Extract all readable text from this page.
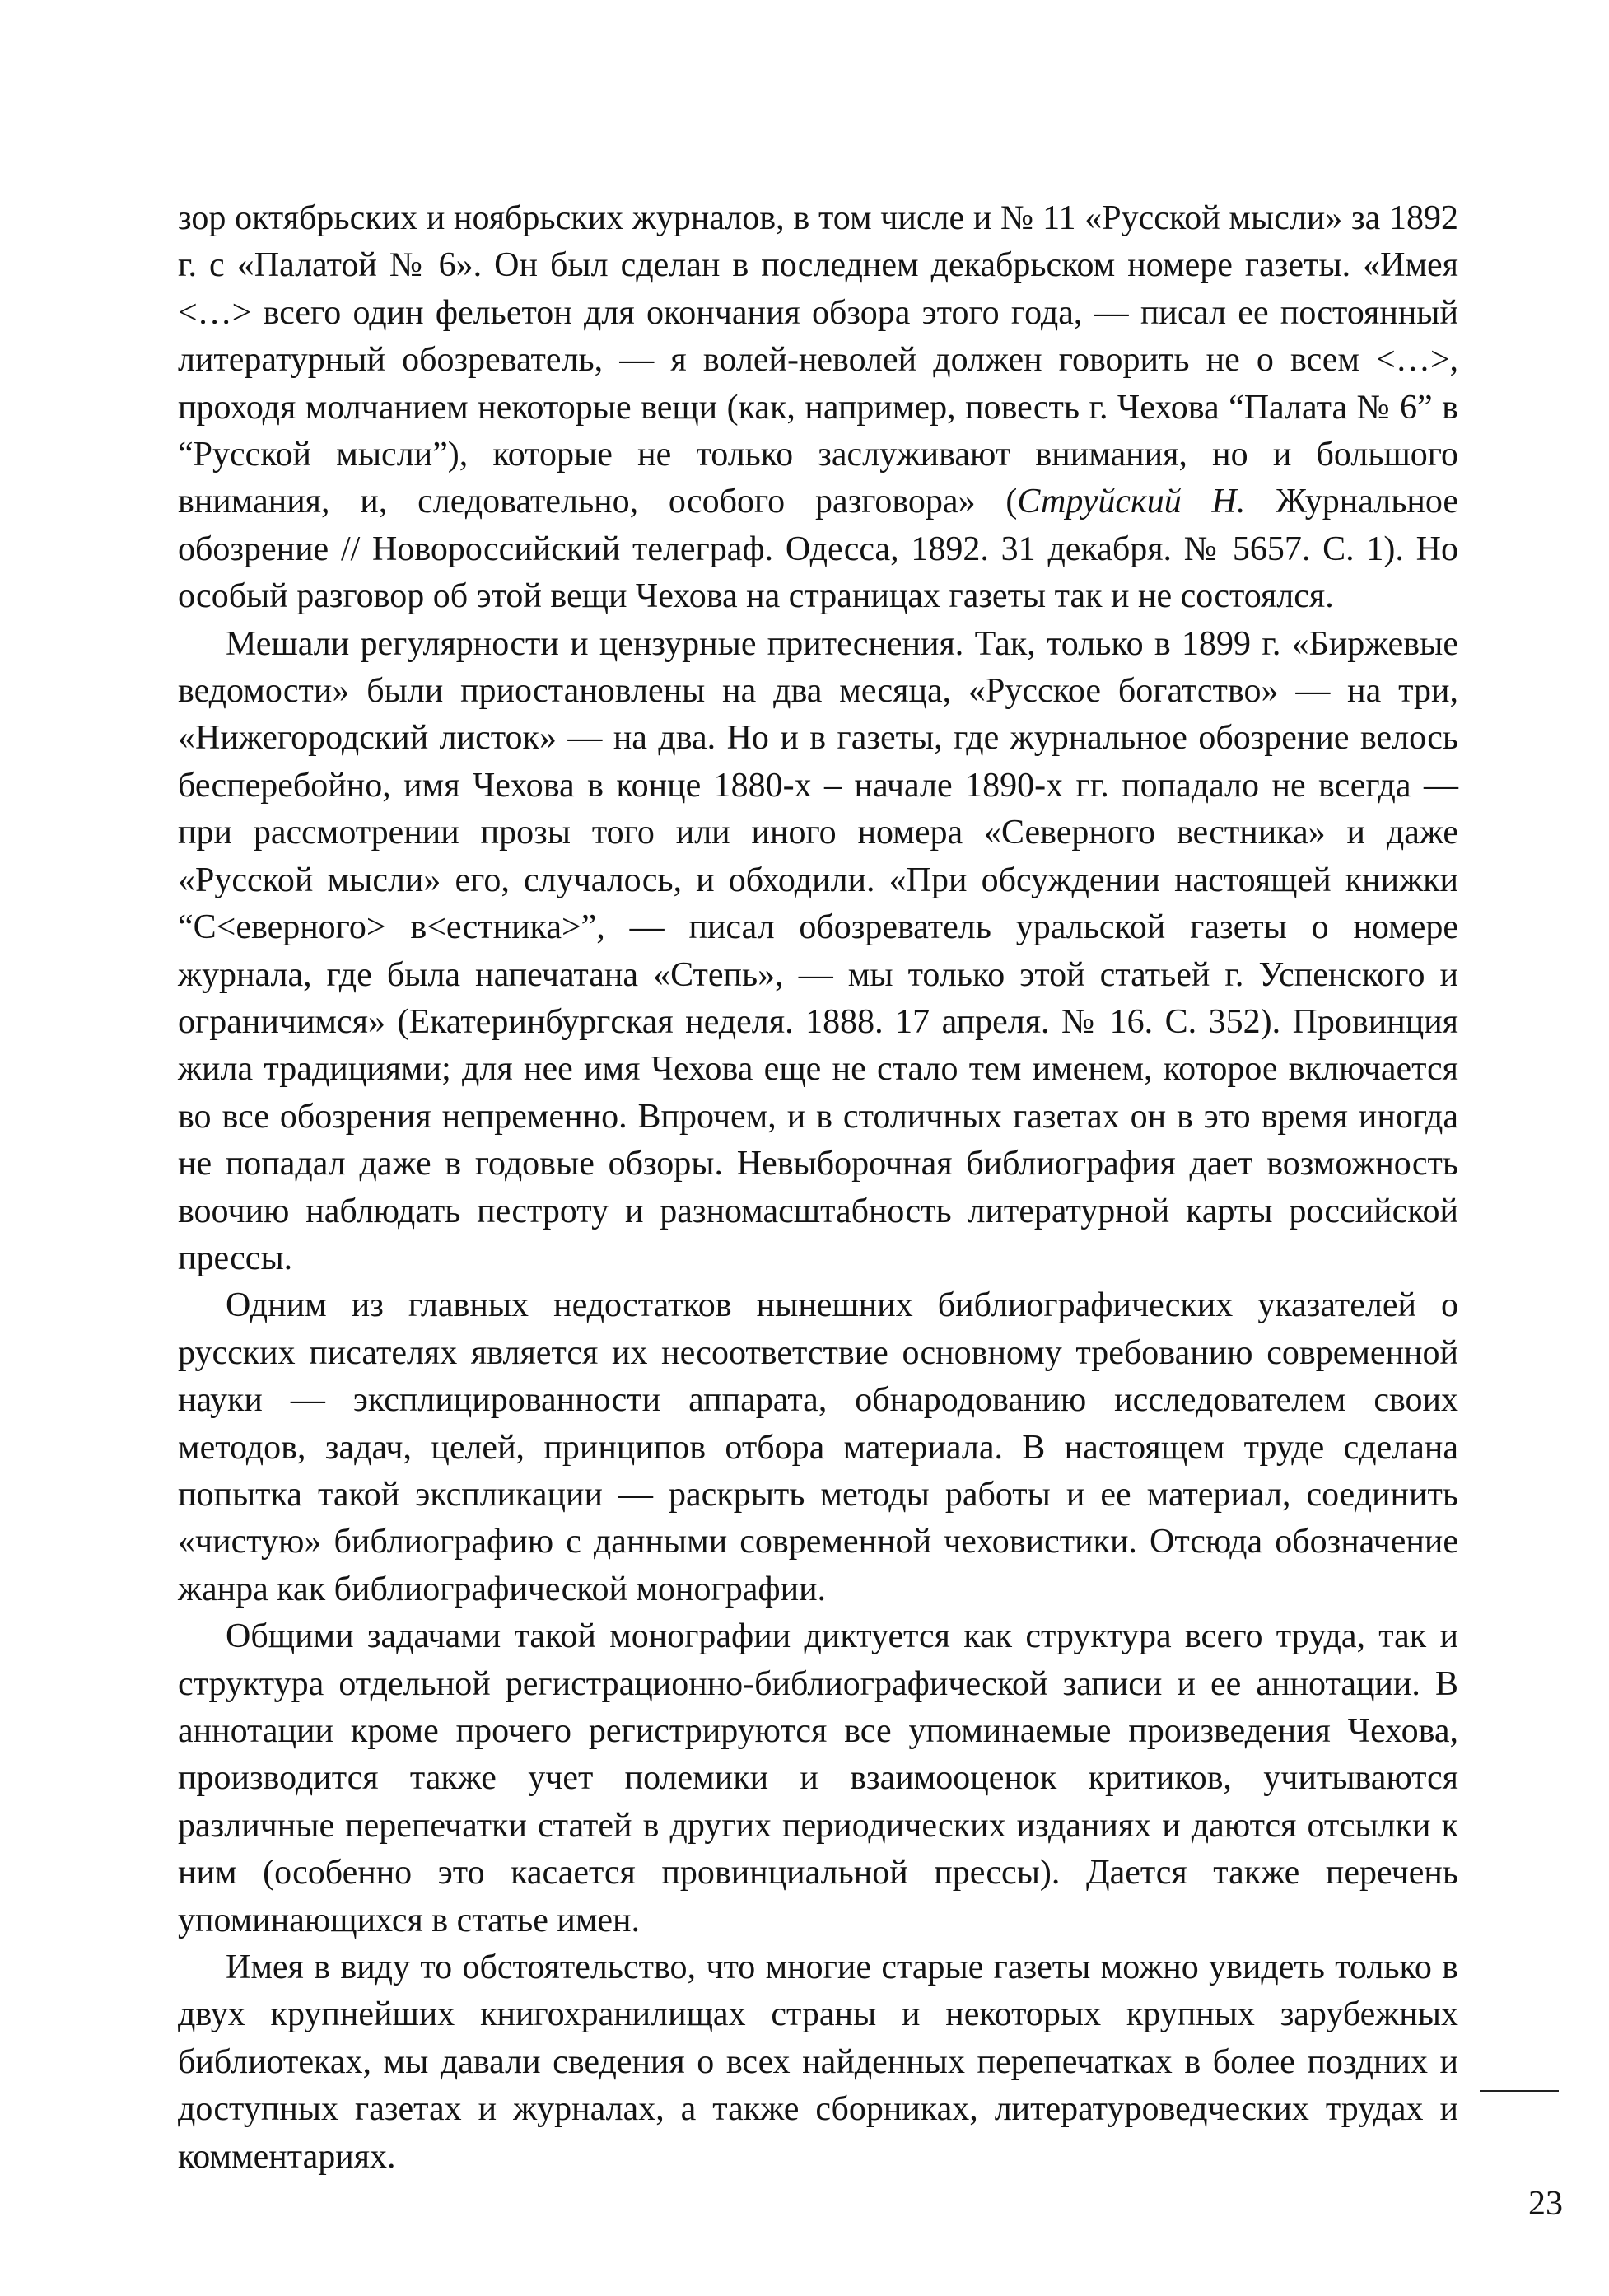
зор октябрьских и ноябрьских журналов, в том числе и № 11 «Русской мысли» за 1892 г. с «Палатой № 6». Он был сделан в последнем декабрьском номере газеты. «Имея <…> всего один фельетон для окончания обзора этого года, — писал ее постоянный литературный обозреватель, — я волей-неволей должен говорить не о всем <…>, проходя молчанием некоторые вещи (как, например, повесть г. Чехова “Палата № 6” в “Русской мысли”), которые не только заслуживают внимания, но и большого внимания, и, следовательно, особого разговора» (Струйский Н. Журнальное обозрение // Новороссийский телеграф. Одесса, 1892. 31 декабря. № 5657. С. 1). Но особый разговор об этой вещи Чехова на страницах газеты так и не состоялся.

Мешали регулярности и цензурные притеснения. Так, только в 1899 г. «Биржевые ведомости» были приостановлены на два месяца, «Русское богатство» — на три, «Нижегородский листок» — на два. Но и в газеты, где журнальное обозрение велось бесперебойно, имя Чехова в конце 1880-х – начале 1890-х гг. попадало не всегда — при рассмотрении прозы того или иного номера «Северного вестника» и даже «Русской мысли» его, случалось, и обходили. «При обсуждении настоящей книжки “С<еверного> в<естника>”, — писал обозреватель уральской газеты о номере журнала, где была напечатана «Степь», — мы только этой статьей г. Успенского и ограничимся» (Екатеринбургская неделя. 1888. 17 апреля. № 16. С. 352). Провинция жила традициями; для нее имя Чехова еще не стало тем именем, которое включается во все обозрения непременно. Впрочем, и в столичных газетах он в это время иногда не попадал даже в годовые обзоры. Невыборочная библиография дает возможность воочию наблюдать пестроту и разномасштабность литературной карты российской прессы.

Одним из главных недостатков нынешних библиографических указателей о русских писателях является их несоответствие основному требованию современной науки — эксплицированности аппарата, обнародованию исследователем своих методов, задач, целей, принципов отбора материала. В настоящем труде сделана попытка такой экспликации — раскрыть методы работы и ее материал, соединить «чистую» библиографию с данными современной чеховистики. Отсюда обозначение жанра как библиографической монографии.

Общими задачами такой монографии диктуется как структура всего труда, так и структура отдельной регистрационно-библиографической записи и ее аннотации. В аннотации кроме прочего регистрируются все упоминаемые произведения Чехова, производится также учет полемики и взаимооценок критиков, учитываются различные перепечатки статей в других периодических изданиях и даются отсылки к ним (особенно это касается провинциальной прессы). Дается также перечень упоминающихся в статье имен.

Имея в виду то обстоятельство, что многие старые газеты можно увидеть только в двух крупнейших книгохранилищах страны и некоторых крупных зарубежных библиотеках, мы давали сведения о всех найденных перепечатках в более поздних и доступных газетах и журналах, а также сборниках, литературоведческих трудах и комментариях.

23
